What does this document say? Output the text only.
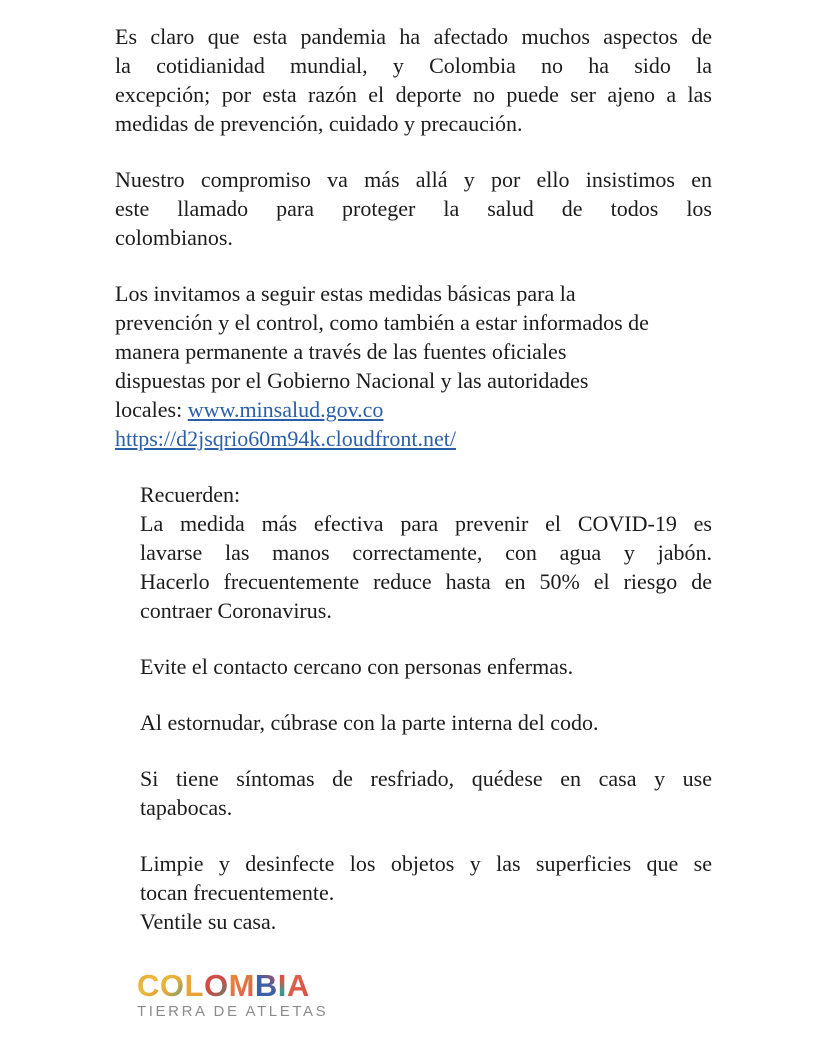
Es claro que esta pandemia ha afectado muchos aspectos de
la cotidianidad mundial, y Colombia no ha sido la
excepción; por esta razón el deporte no puede ser ajeno a las
medidas de prevención, cuidado y precaución.
Nuestro compromiso va más allá y por ello insistimos en
este llamado para proteger la salud de todos los
colombianos.
Los invitamos a seguir estas medidas básicas para la
prevención y el control, como también a estar informados de
manera permanente a través de las fuentes oficiales
dispuestas por el Gobierno Nacional y las autoridades
locales: www.minsalud.gov.co
https://d2jsqrio60m94k.cloudfront.net/
Recuerden:
La medida más efectiva para prevenir el COVID-19 es
lavarse las manos correctamente, con agua y jabón.
Hacerlo frecuentemente reduce hasta en 50% el riesgo de
contraer Coronavirus.
Evite el contacto cercano con personas enfermas.
Al estornudar, cúbrase con la parte interna del codo.
Si tiene síntomas de resfriado, quédese en casa y use
tapabocas.
Limpie y desinfecte los objetos y las superficies que se
tocan frecuentemente.
Ventile su casa.
COLOMBIA
TIERRA DE ATLETAS
